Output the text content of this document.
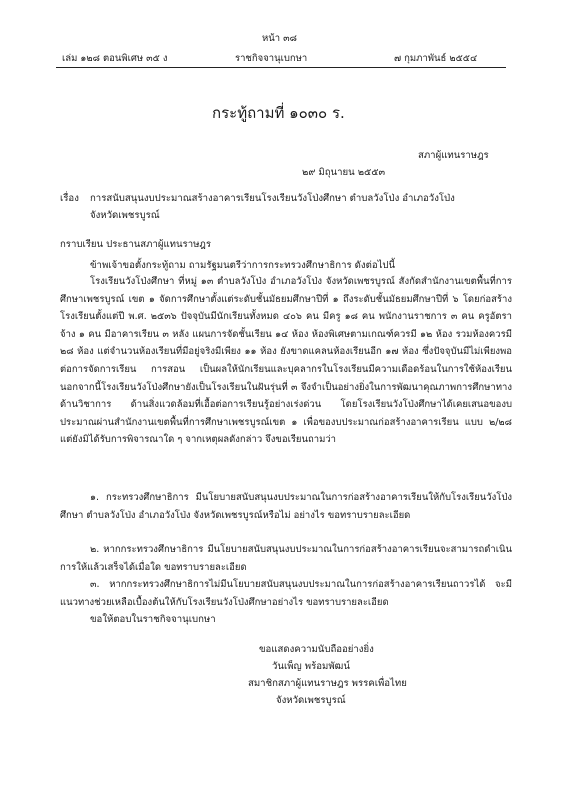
หน้า ๓๘
เล่ม ๑๒๘ ตอนพิเศษ ๓๕ ง	ราชกิจจานุเบกษา	๗ กุมภาพันธ์ ๒๕๕๔
กระทู้ถามที่ ๑๐๓๐ ร.
สภาผู้แทนราษฎร
๒๙ มิถุนายน ๒๕๕๓
เรื่อง การสนับสนุนงบประมาณสร้างอาคารเรียนโรงเรียนวังโป่งศึกษา ตำบลวังโป่ง อำเภอวังโป่ง
จังหวัดเพชรบูรณ์
กราบเรียน ประธานสภาผู้แทนราษฎร
ข้าพเจ้าขอตั้งกระทู้ถาม ถามรัฐมนตรีว่าการกระทรวงศึกษาธิการ ดังต่อไปนี้
โรงเรียนวังโป่งศึกษา ที่หมู่ ๑๓ ตำบลวังโป่ง อำเภอวังโป่ง จังหวัดเพชรบูรณ์ สังกัดสำนักงานเขตพื้นที่การศึกษาเพชรบูรณ์ เขต ๑ จัดการศึกษาตั้งแต่ระดับชั้นมัธยมศึกษาปีที่ ๑ ถึงระดับชั้นมัธยมศึกษาปีที่ ๖ โดยก่อสร้างโรงเรียนตั้งแต่ปี พ.ศ. ๒๕๓๖ ปัจจุบันมีนักเรียนทั้งหมด ๔๐๖ คน มีครู ๑๘ คน พนักงานราชการ ๓ คน ครูอัตราจ้าง ๑ คน มีอาคารเรียน ๓ หลัง แผนการจัดชั้นเรียน ๑๔ ห้อง ห้องพิเศษตามเกณฑ์ควรมี ๑๒ ห้อง รวมห้องควรมี ๒๘ ห้อง แต่จำนวนห้องเรียนที่มีอยู่จริงมีเพียง ๑๑ ห้อง ยังขาดแคลนห้องเรียนอีก ๑๗ ห้อง ซึ่งปัจจุบันมีไม่เพียงพอต่อการจัดการเรียน การสอน เป็นผลให้นักเรียนและบุคลากรในโรงเรียนมีความเดือดร้อนในการใช้ห้องเรียน นอกจากนี้โรงเรียนวังโป่งศึกษายังเป็นโรงเรียนในฝันรุ่นที่ ๓ จึงจำเป็นอย่างยิ่งในการพัฒนาคุณภาพการศึกษาทางด้านวิชาการ ด้านสิ่งแวดล้อมที่เอื้อต่อการเรียนรู้อย่างเร่งด่วน โดยโรงเรียนวังโป่งศึกษาได้เคยเสนอของบประมาณผ่านสำนักงานเขตพื้นที่การศึกษาเพชรบูรณ์เขต ๑ เพื่อของบประมาณก่อสร้างอาคารเรียน แบบ ๒/๒๘ แต่ยังมิได้รับการพิจารณาใด ๆ จากเหตุผลดังกล่าว จึงขอเรียนถามว่า
๑. กระทรวงศึกษาธิการ มีนโยบายสนับสนุนงบประมาณในการก่อสร้างอาคารเรียนให้กับโรงเรียนวังโป่งศึกษา ตำบลวังโป่ง อำเภอวังโป่ง จังหวัดเพชรบูรณ์หรือไม่ อย่างไร ขอทราบรายละเอียด
๒. หากกระทรวงศึกษาธิการ มีนโยบายสนับสนุนงบประมาณในการก่อสร้างอาคารเรียนจะสามารถดำเนินการให้แล้วเสร็จได้เมื่อใด ขอทราบรายละเอียด
๓. หากกระทรวงศึกษาธิการไม่มีนโยบายสนับสนุนงบประมาณในการก่อสร้างอาคารเรียนถาวรได้ จะมีแนวทางช่วยเหลือเบื้องต้นให้กับโรงเรียนวังโป่งศึกษาอย่างไร ขอทราบรายละเอียด
ขอให้ตอบในราชกิจจานุเบกษา
ขอแสดงความนับถืออย่างยิ่ง
วันเพ็ญ พร้อมพัฒน์
สมาชิกสภาผู้แทนราษฎร พรรคเพื่อไทย
จังหวัดเพชรบูรณ์
